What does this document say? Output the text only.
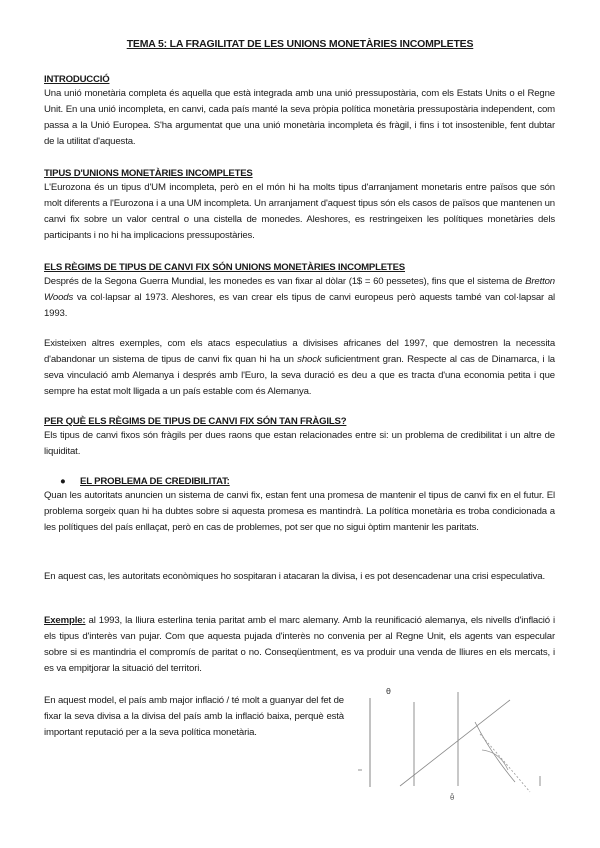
TEMA 5: LA FRAGILITAT DE LES UNIONS MONETÀRIES INCOMPLETES
INTRODUCCIÓ
Una unió monetària completa és aquella que està integrada amb una unió pressupostària, com els Estats Units o el Regne Unit. En una unió incompleta, en canvi, cada país manté la seva pròpia política monetària pressupostària independent, com passa a la Unió Europea. S'ha argumentat que una unió monetària incompleta és fràgil, i fins i tot insostenible, fent dubtar de la utilitat d'aquesta.
TIPUS D'UNIONS MONETÀRIES INCOMPLETES
L'Eurozona és un tipus d'UM incompleta, però en el món hi ha molts tipus d'arranjament monetaris entre països que són molt diferents a l'Eurozona i a una UM incompleta. Un arranjament d'aquest tipus són els casos de països que mantenen un canvi fix sobre un valor central o una cistella de monedes. Aleshores, es restringeixen les polítiques monetàries dels participants i no hi ha implicacions pressupostàries.
ELS RÈGIMS DE TIPUS DE CANVI FIX SÓN UNIONS MONETÀRIES INCOMPLETES
Després de la Segona Guerra Mundial, les monedes es van fixar al dòlar (1$ = 60 pessetes), fins que el sistema de Bretton Woods va col·lapsar al 1973. Aleshores, es van crear els tipus de canvi europeus però aquests també van col·lapsar al 1993.
Existeixen altres exemples, com els atacs especulatius a divisises africanes del 1997, que demostren la necessita d'abandonar un sistema de tipus de canvi fix quan hi ha un shock suficientment gran. Respecte al cas de Dinamarca, i la seva vinculació amb Alemanya i després amb l'Euro, la seva duració es deu a que es tracta d'una economia petita i que sempre ha estat molt lligada a un país estable com és Alemanya.
PER QUÈ ELS RÈGIMS DE TIPUS DE CANVI FIX SÓN TAN FRÀGILS?
Els tipus de canvi fixos són fràgils per dues raons que estan relacionades entre si: un problema de credibilitat i un altre de liquiditat.
● EL PROBLEMA DE CREDIBILITAT:
Quan les autoritats anuncien un sistema de canvi fix, estan fent una promesa de mantenir el tipus de canvi fix en el futur. El problema sorgeix quan hi ha dubtes sobre si aquesta promesa es mantindrà. La política monetària es troba condicionada a les polítiques del país enllaçat, però en cas de problemes, pot ser que no sigui òptim mantenir les paritats.
En aquest cas, les autoritats econòmiques ho sospitaran i atacaran la divisa, i es pot desencadenar una crisi especulativa.
Exemple: al 1993, la lliura esterlina tenia paritat amb el marc alemany. Amb la reunificació alemanya, els nivells d'inflació i els tipus d'interès van pujar. Com que aquesta pujada d'interès no convenia per al Regne Unit, els agents van especular sobre si es mantindria el compromís de paritat o no. Conseqüentment, es va produir una venda de lliures en els mercats, i es va empitjorar la situació del territori.
En aquest model, el país amb major inflació / té molt a guanyar del fet de fixar la seva divisa a la divisa del país amb la inflació baixa, perquè està important reputació per a la seva política monetària.
θ
θ̄
